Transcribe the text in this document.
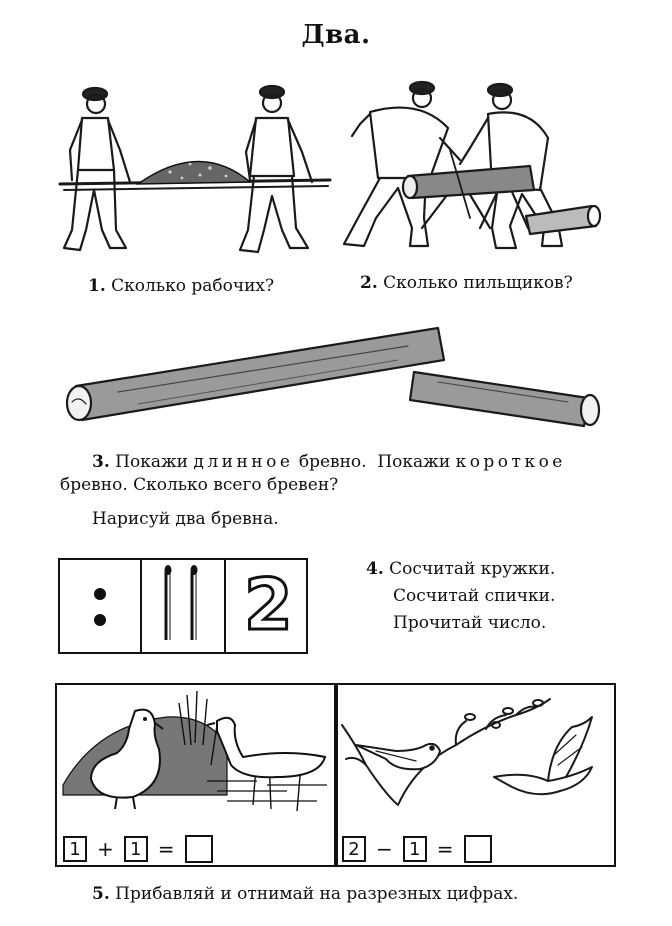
Два.
1. Сколько рабочих?	2. Сколько пильщиков?
3. Покажи длинное бревно.  Покажи короткое
бревно. Сколько всего бревен?
Нарисуй два бревна.
2	4. Сосчитай кружки.
Сосчитай спички.
Прочитай число.
1 + 1 =	2 − 1 =
5. Прибавляй и отнимай на разрезных цифрах.
